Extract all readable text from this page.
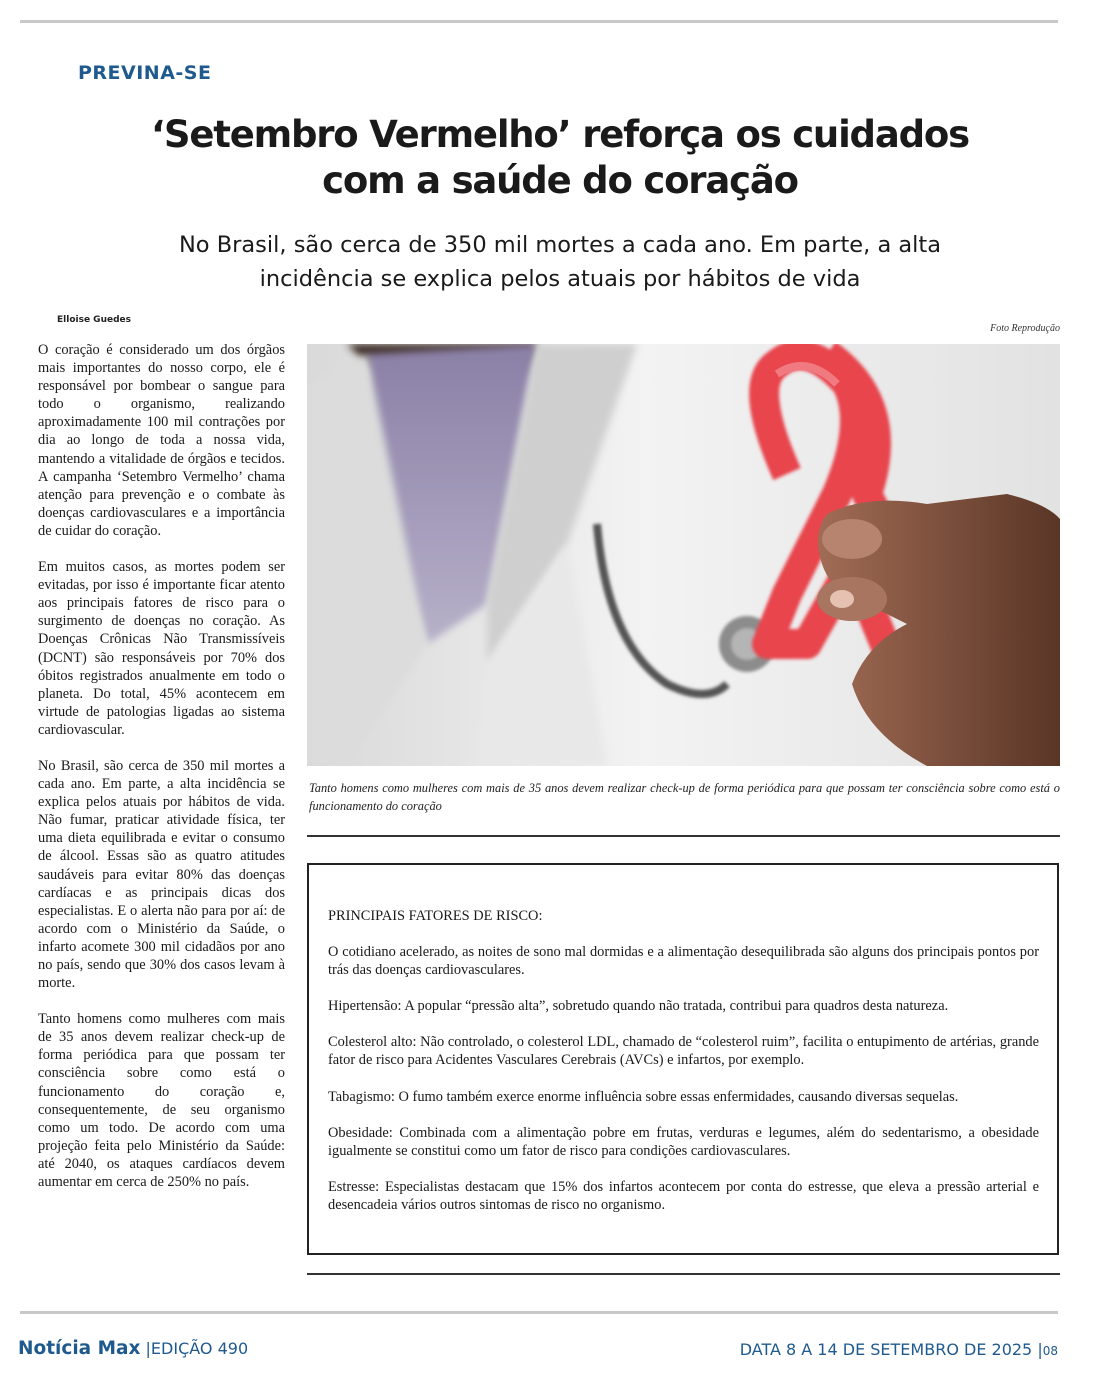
PREVINA-SE
‘Setembro Vermelho’ reforça os cuidados
com a saúde do coração

No Brasil, são cerca de 350 mil mortes a cada ano. Em parte, a alta incidência se explica pelos atuais por hábitos de vida

Elloise Guedes
Foto Reprodução

O coração é considerado um dos órgãos mais importantes do nosso corpo, ele é responsável por bombear o sangue para todo o organismo, realizando aproximadamente 100 mil contrações por dia ao longo de toda a nossa vida, mantendo a vitalidade de órgãos e tecidos. A campanha ‘Setembro Vermelho’ chama atenção para prevenção e o combate às doenças cardiovasculares e a importância de cuidar do coração.

Em muitos casos, as mortes podem ser evitadas, por isso é importante ficar atento aos principais fatores de risco para o surgimento de doenças no coração. As Doenças Crônicas Não Transmissíveis (DCNT) são responsáveis por 70% dos óbitos registrados anualmente em todo o planeta. Do total, 45% acontecem em virtude de patologias ligadas ao sistema cardiovascular.

No Brasil, são cerca de 350 mil mortes a cada ano. Em parte, a alta incidência se explica pelos atuais por hábitos de vida. Não fumar, praticar atividade física, ter uma dieta equilibrada e evitar o consumo de álcool. Essas são as quatro atitudes saudáveis para evitar 80% das doenças cardíacas e as principais dicas dos especialistas. E o alerta não para por aí: de acordo com o Ministério da Saúde, o infarto acomete 300 mil cidadãos por ano no país, sendo que 30% dos casos levam à morte.

Tanto homens como mulheres com mais de 35 anos devem realizar check-up de forma periódica para que possam ter consciência sobre como está o funcionamento do coração e, consequentemente, de seu organismo como um todo. De acordo com uma projeção feita pelo Ministério da Saúde: até 2040, os ataques cardíacos devem aumentar em cerca de 250% no país.

Tanto homens como mulheres com mais de 35 anos devem realizar check-up de forma periódica para que possam ter consciência sobre como está o funcionamento do coração

PRINCIPAIS FATORES DE RISCO:

O cotidiano acelerado, as noites de sono mal dormidas e a alimentação desequilibrada são alguns dos principais pontos por trás das doenças cardiovasculares.

Hipertensão: A popular “pressão alta”, sobretudo quando não tratada, contribui para quadros desta natureza.

Colesterol alto: Não controlado, o colesterol LDL, chamado de “colesterol ruim”, facilita o entupimento de artérias, grande fator de risco para Acidentes Vasculares Cerebrais (AVCs) e infartos, por exemplo.

Tabagismo: O fumo também exerce enorme influência sobre essas enfermidades, causando diversas sequelas.

Obesidade: Combinada com a alimentação pobre em frutas, verduras e legumes, além do sedentarismo, a obesidade igualmente se constitui como um fator de risco para condições cardiovasculares.

Estresse: Especialistas destacam que 15% dos infartos acontecem por conta do estresse, que eleva a pressão arterial e desencadeia vários outros sintomas de risco no organismo.

Notícia Max |EDIÇÃO 490	DATA 8 A 14 DE SETEMBRO DE 2025 |08
